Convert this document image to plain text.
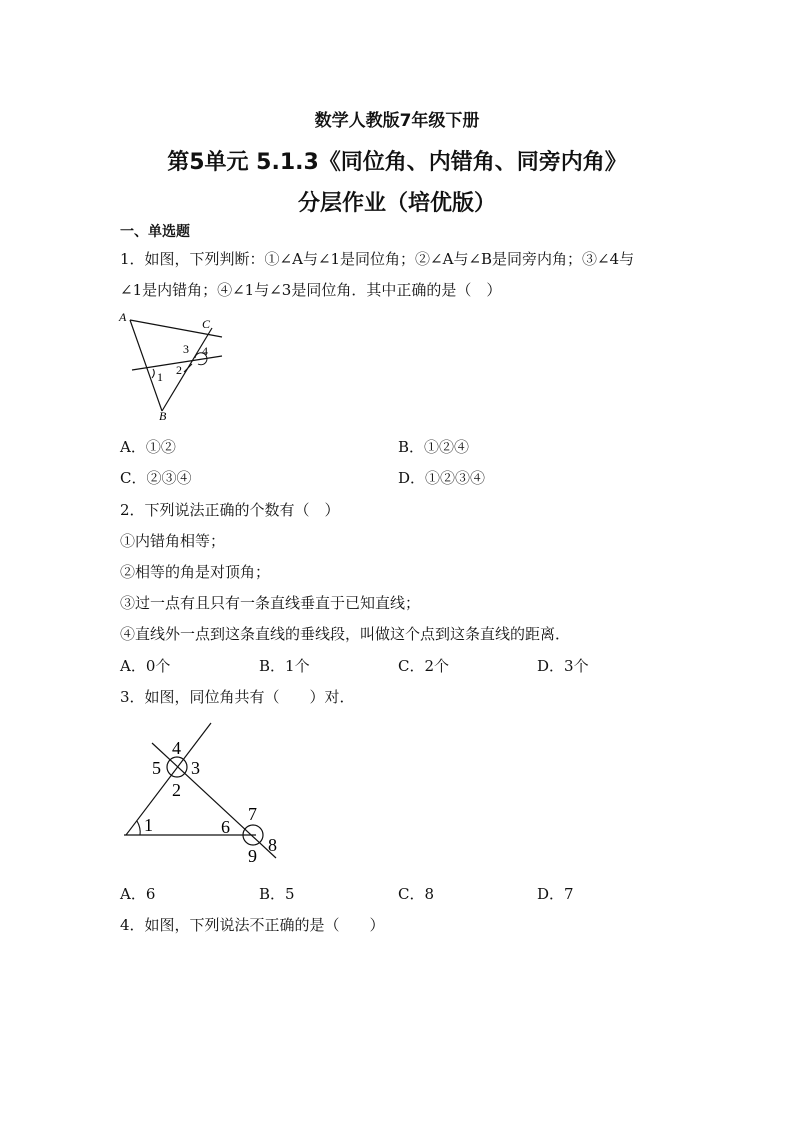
数学人教版7年级下册
第5单元 5.1.3《同位角、内错角、同旁内角》
分层作业（培优版）
一、单选题
1．如图，下列判断：①∠A与∠1是同位角；②∠A与∠B是同旁内角；③∠4与
∠1是内错角；④∠1与∠3是同位角．其中正确的是（　）
A	C
B
1 2
3 4
A．①②	B．①②④
C．②③④	D．①②③④
2．下列说法正确的个数有（　）
①内错角相等；
②相等的角是对顶角；
③过一点有且只有一条直线垂直于已知直线；
④直线外一点到这条直线的垂线段，叫做这个点到这条直线的距离．
A．0个	B．1个	C．2个	D．3个
3．如图，同位角共有（　　）对．
4
5 3
2
1	6
7
9
8
A．6	B．5	C．8	D．7
4．如图，下列说法不正确的是（　　）
